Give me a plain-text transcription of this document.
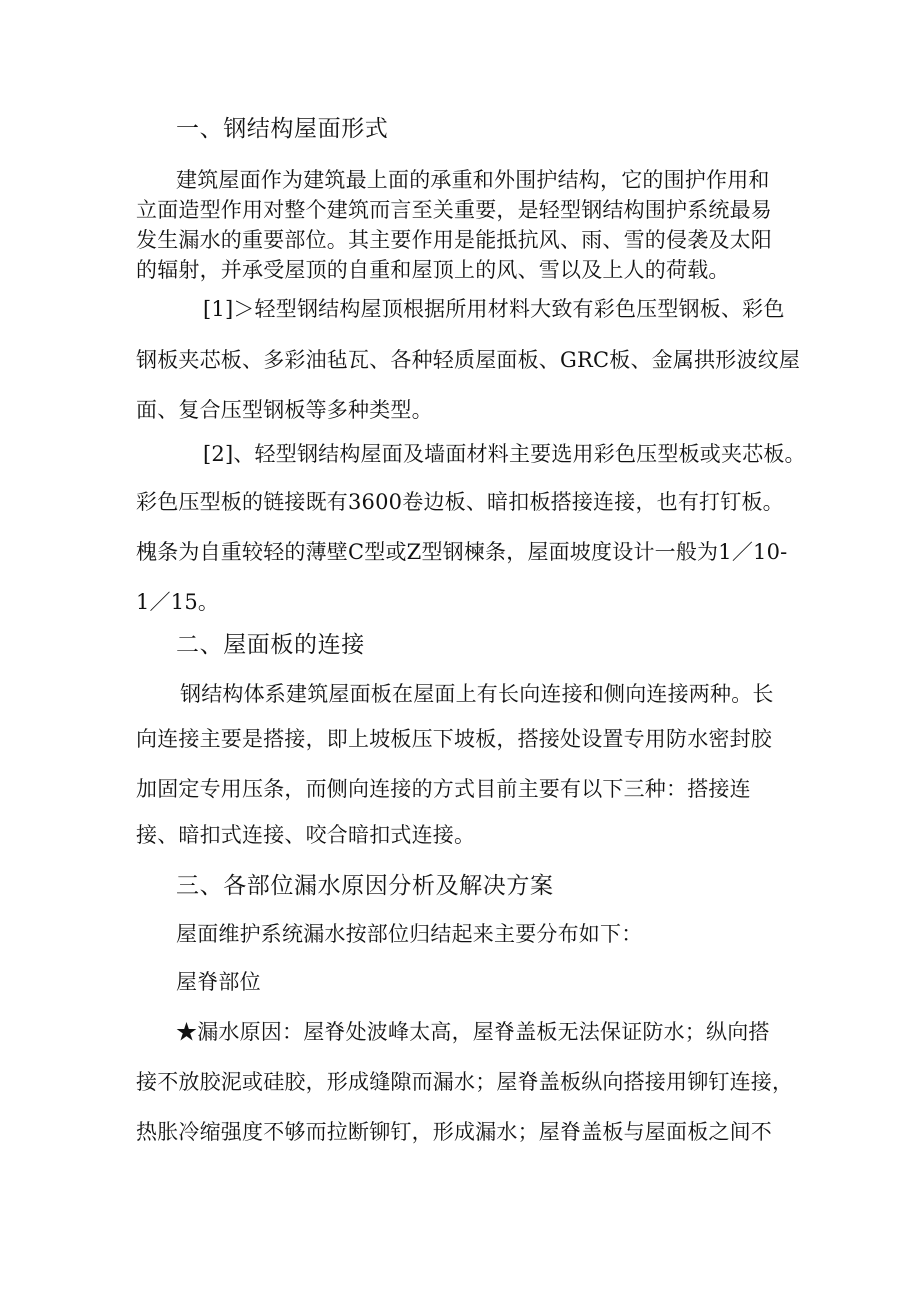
一、钢结构屋面形式
建筑屋面作为建筑最上面的承重和外围护结构，它的围护作用和
立面造型作用对整个建筑而言至关重要，是轻型钢结构围护系统最易
发生漏水的重要部位。其主要作用是能抵抗风、雨、雪的侵袭及太阳
的辐射，并承受屋顶的自重和屋顶上的风、雪以及上人的荷载。
[1]＞轻型钢结构屋顶根据所用材料大致有彩色压型钢板、彩色
钢板夹芯板、多彩油毡瓦、各种轻质屋面板、GRC板、金属拱形波纹屋
面、复合压型钢板等多种类型。
[2]、轻型钢结构屋面及墙面材料主要选用彩色压型板或夹芯板。
彩色压型板的链接既有3600卷边板、暗扣板搭接连接，也有打钉板。
槐条为自重较轻的薄壁C型或Z型钢楝条，屋面坡度设计一般为1／10-
1／15。
二、屋面板的连接
钢结构体系建筑屋面板在屋面上有长向连接和侧向连接两种。长
向连接主要是搭接，即上坡板压下坡板，搭接处设置专用防水密封胶
加固定专用压条，而侧向连接的方式目前主要有以下三种：搭接连
接、暗扣式连接、咬合暗扣式连接。
三、各部位漏水原因分析及解决方案
屋面维护系统漏水按部位归结起来主要分布如下：
屋脊部位
★漏水原因：屋脊处波峰太高，屋脊盖板无法保证防水；纵向搭
接不放胶泥或硅胶，形成缝隙而漏水；屋脊盖板纵向搭接用铆钉连接，
热胀冷缩强度不够而拉断铆钉，形成漏水；屋脊盖板与屋面板之间不
